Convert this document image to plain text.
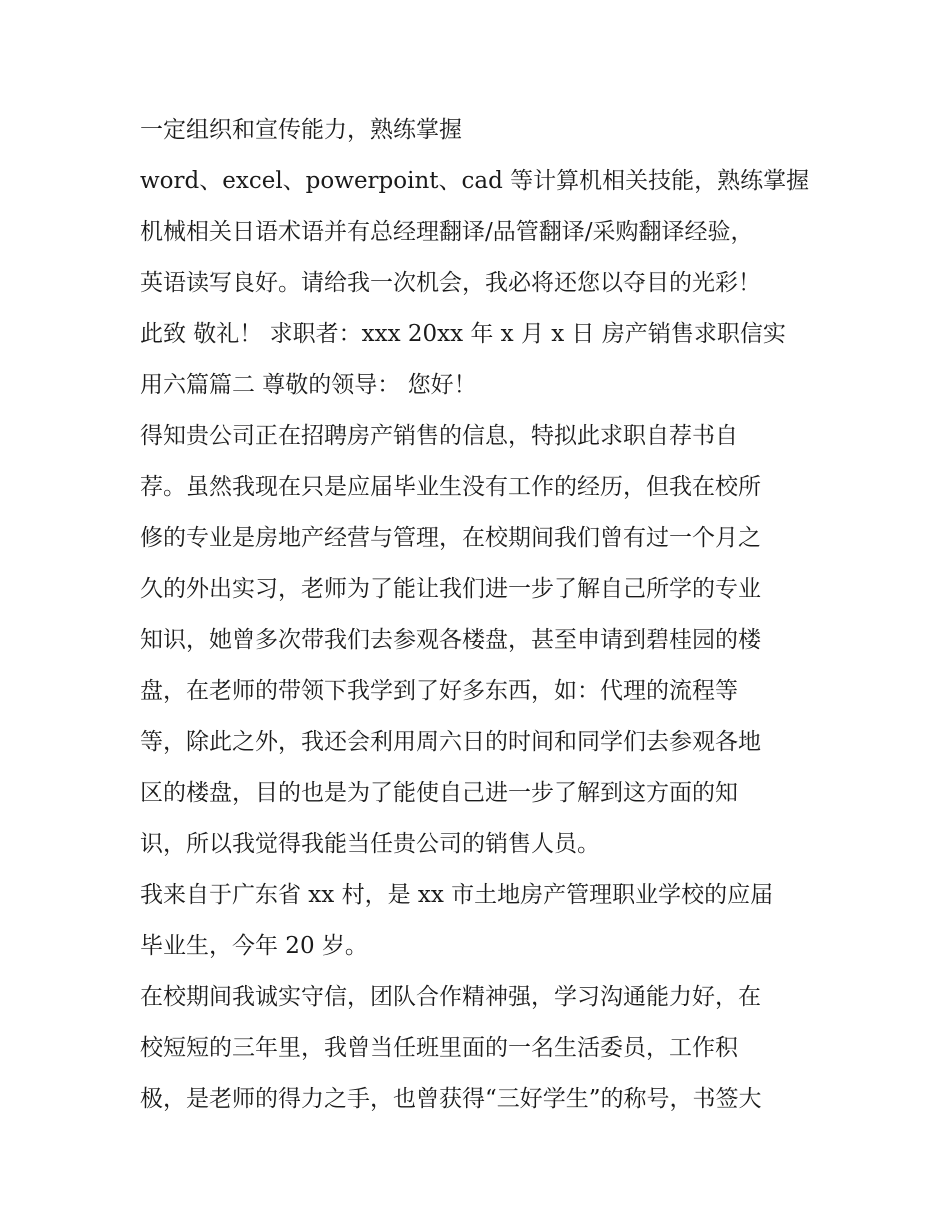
一定组织和宣传能力，熟练掌握
word、excel、powerpoint、cad 等计算机相关技能，熟练掌握
机械相关日语术语并有总经理翻译/品管翻译/采购翻译经验，
英语读写良好。请给我一次机会，我必将还您以夺目的光彩！
此致 敬礼！ 求职者：xxx 20xx 年 x 月 x 日 房产销售求职信实
用六篇篇二 尊敬的领导： 您好！
得知贵公司正在招聘房产销售的信息，特拟此求职自荐书自
荐。虽然我现在只是应届毕业生没有工作的经历，但我在校所
修的专业是房地产经营与管理，在校期间我们曾有过一个月之
久的外出实习，老师为了能让我们进一步了解自己所学的专业
知识，她曾多次带我们去参观各楼盘，甚至申请到碧桂园的楼
盘，在老师的带领下我学到了好多东西，如：代理的流程等
等，除此之外，我还会利用周六日的时间和同学们去参观各地
区的楼盘，目的也是为了能使自己进一步了解到这方面的知
识，所以我觉得我能当任贵公司的销售人员。
我来自于广东省 xx 村，是 xx 市土地房产管理职业学校的应届
毕业生，今年 20 岁。
在校期间我诚实守信，团队合作精神强，学习沟通能力好，在
校短短的三年里，我曾当任班里面的一名生活委员，工作积
极，是老师的得力之手，也曾获得“三好学生”的称号，书签大
